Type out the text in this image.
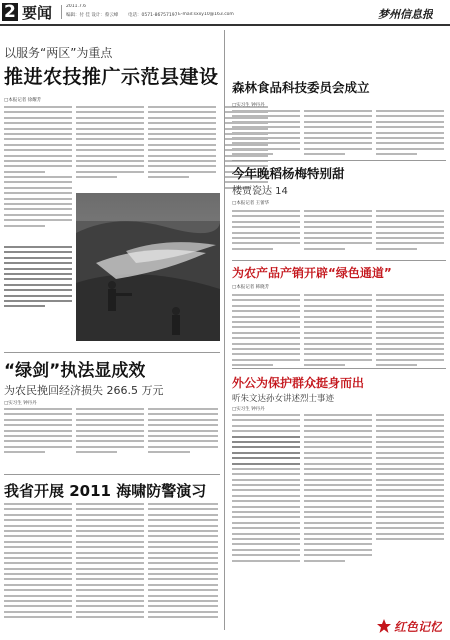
2 要闻	2011.7.6
编辑：付 佳 设计：蔡云峰 电话：0571-86757197 E-mail:sxxy10@163.com	梦州信息报
以服务“两区”为重点
推进农技推广示范县建设
□本报记者 徐耀芳
“绿剑”执法显成效
为农民挽回经济损失 266.5 万元
□实习生 钟丹丹
我省开展 2011 海啸防警演习
森林食品科技委员会成立
□实习生 钟丹丹
今年晚稻杨梅特别甜
楼贾瓷达 14
□本报记者 王蕾华
为农产品产销开辟“绿色通道”
□本报记者 韩晓芳
外公为保护群众挺身而出
听朱文达孙女讲述烈士事迹
□实习生 钟丹丹
红色记忆
